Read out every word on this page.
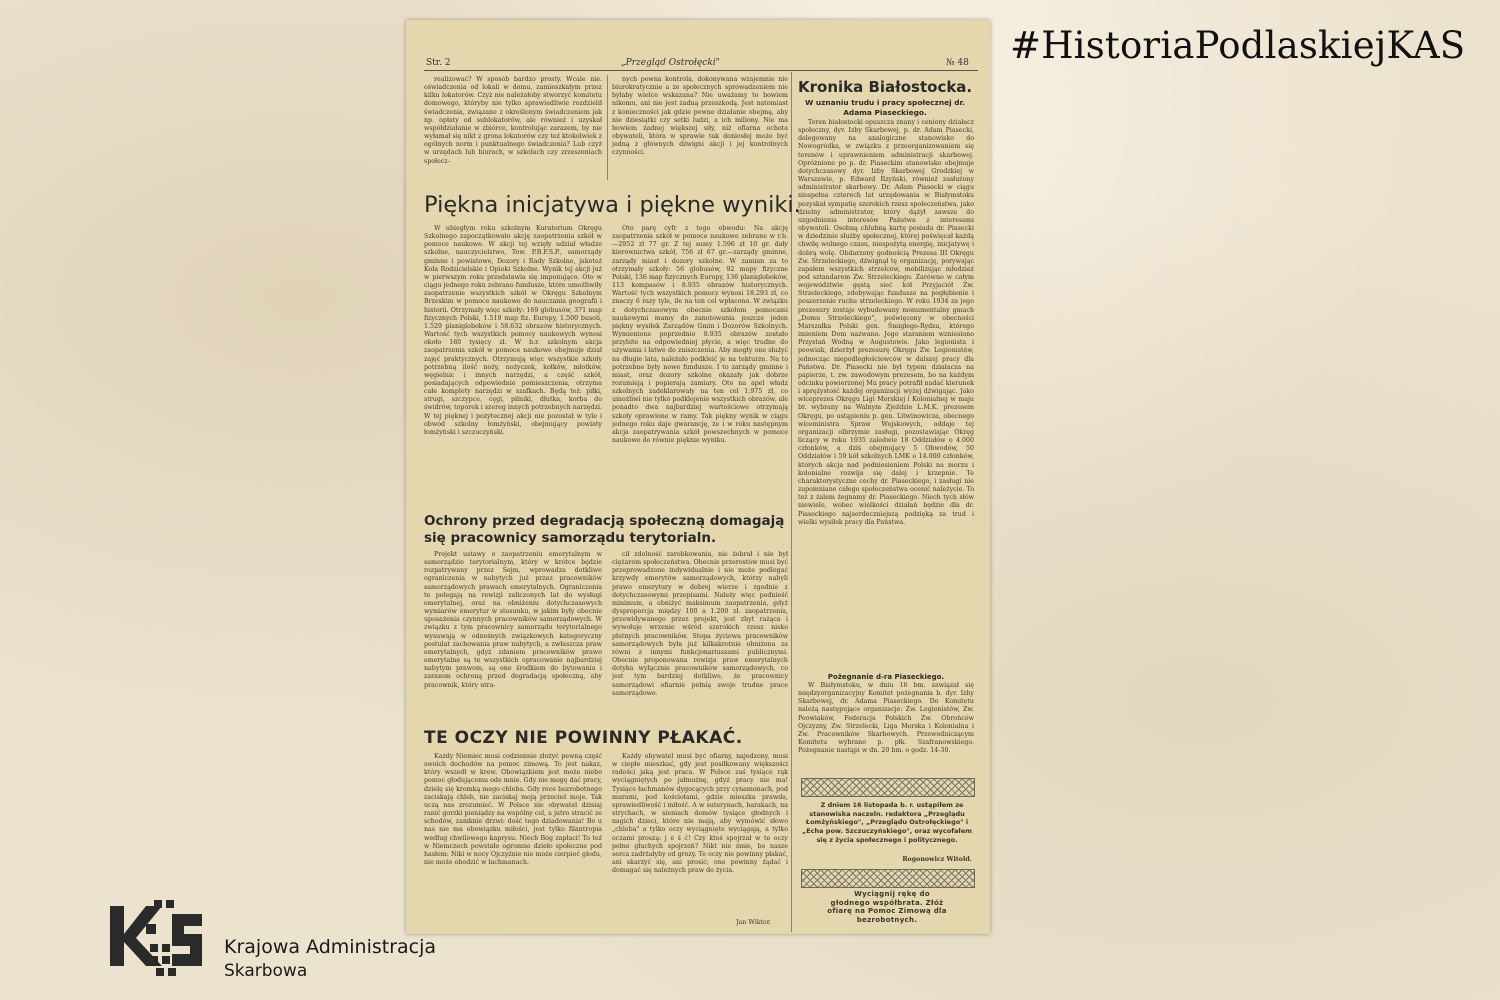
#HistoriaPodlaskiejKAS
Str. 2	„Przegląd Ostrołęcki"	№ 48

realizować? W sposób bardzo prosty. Wcale nie. oświadczenia od lokali w domu, zamieszkałym przez kilku lokatorów. Czyż nie należałoby stworzyć komitetu domowego, któryby nie tylko sprawiedliwie rozdzielił świadczenia, związane z określonym świadczeniem jak np. opłaty od sublokatorów, ale również i uzyskał współdziałanie w zbiórce, kontrolując zarazem, by nie wyłamał się nikt z grona lokatorów czy też ktokolwiek z ogólnych norm i punktualnego świadczenia? Lub czyż w urzędach lub biurach, w szkołach czy zrzeszeniach społecz-

nych pewna kontrola, dokonywana wzajemnie nie biurokratycznie a ze społecznych sprowadzeniem nie byłaby wielce wskazana? Nie uważamy to bowiem nikomu, ani nie jest żadną przeszkodą. Jest natomiast z konieczności jak gdzie pewne działanie obejmą, aby nie dziesiątki czy setki ludzi, a ich miliony. Nie ma bowiem żadnej większej siły, niż ofiarna ochota obywateli, która w sprawie tak doniosłej może być jedną z głównych dźwigni akcji i jej kontrolnych czynności.

Piękna inicjatywa i piękne wyniki.

W ubiegłym roku szkolnym Kuratorium Okręgu Szkolnego zapoczątkowało akcję zaopatrzenia szkół w pomoce naukowe. W akcji tej wzięły udział władze szkolne, nauczycielstwo, Tow. P.B.F.S.P., samorządy gminne i powiatowe, Dozory i Rady Szkolne, jakoteż Koła Rodzicielskie i Opieki Szkolne. Wynik tej akcji już w pierwszym roku przedstawia się imponująco. Oto w ciągu jednego roku zebrano fundusze, które umożliwiły zaopatrzenie wszystkich szkół w Okręgu Szkolnym Brzeskim w pomoce naukowe do nauczania geografii i historii. Otrzymały więc szkoły: 169 globusów, 371 map fizycznych Polski, 1.519 map fiz. Europy, 1.500 busoli, 1.529 planigloboków i 58.632 obrazów historycznych. Wartość tych wszystkich pomocy naukowych wynosi około 180 tysięcy zł. W b.r. szkolnym akcja zaopatrzenia szkół w pomoce naukowe obejmuje dział zajęć praktycznych. Otrzymują więc wszystkie szkoły potrzebną ilość noży, nożyczek, kołków, młotków, węgielnic i innych narzędzi, a część szkół, posiadających odpowiednie pomieszczenia, otrzyma całe komplety narzędzi w szafkach. Będą też: piłki, strugi, szczypce, cęgi, pilniki, dłutka, korba do świdrów, topórek i szereg innych potrzebnych narzędzi. W tej pięknej i pożytecznej akcji nie pozostał w tyle i obwód szkolny łomżyński, obejmujący powiaty łomżyński i szczuczyński.

Oto parę cyfr z tego obwodu: Na akcję zaopatrzenia szkół w pomoce naukowe zebrane w r.b.—2952 zł 77 gr. Z tej sumy 1.596 zł 10 gr. dały kierownictwa szkół, 756 zł 67 gr.—zarządy gminne, zarządy miast i dozory szkolne. W zamian za to otrzymały szkoły: 56 globusów, 92 mapy fizyczne Polski, 136 map fizycznych Europy, 136 planigloboków, 113 kompasów i 8.935 obrazów historycznych. Wartość tych wszystkich pomocy wynosi 18.293 zł, co znaczy 6 razy tyle, ile na ten cel wpłacono. W związku z dotychczasowym obecnie szkołom pomocami naukowymi mamy do zanotowania jeszcze jeden piękny wysiłek Zarządów Gmin i Dozorów Szkolnych. Wymienione poprzednio 8.935 obrazów zostało przybite na odpowiedniej płycie, a więc trudne do używania i łatwe do zniszczenia. Aby mogły one służyć na długie lata, należało podkleić je na tekturze. Na to potrzebne były nowe fundusze. I to zarządy gminne i miast, oraz dozory szkolne okazały jak dobrze rozumieją i popierają zamiary. Oto na apel władz szkolnych zadeklarowały na ten cel 1.975 zł, co umożliwi nie tylko podklejenie wszystkich obrazów, ale ponadto dwa najbardziej wartościowe otrzymają szkoły oprawione w ramy. Tak piękny wynik w ciągu jednego roku daje gwarancję, że i w roku następnym akcja zaopatrywania szkół powszechnych w pomoce naukowe do równie pięknie wyniku.

Ochrony przed degradacją społeczną domagają się pracownicy samorządu terytorialn.

Projekt ustawy o zaopatrzeniu emerytalnym w samorządzie terytorialnym, który w krótce będzie rozpatrywany przez Sejm, wprowadza dotkliwe ograniczenia w nabytych już przez pracowników samorządowych prawach emerytalnych. Ograniczenia te polegają na rewizji zaliczonych lat do wysługi emerytalnej, oraz na obniżeniu dotychczasowych wymiarów emerytur w stosunku, w jakim były obecnie uposażenia czynnych pracowników samorządowych. W związku z tym pracownicy samorządu terytorialnego wysuwają w odnośnych związkowych kategoryczny postulat zachowania praw nabytych, a zwłaszcza praw emerytalnych, gdyż zdaniem pracowników prawo emerytalne są te wszystkich opracowanie najbardziej nabytym prawom, są one środkiem do bytowania i zarazem ochroną przed degradacją społeczną, aby pracownik, który utra-

cił zdolność zarobkowania, nie żebrał i nie był ciężarem społeczeństwa. Obecnie przerostów musi być przeprowadzone indywidualnie i nie może podlegać krzywdy emerytów samorządowych, którzy nabyli prawo emerytury w dobrej wierze i zgodnie z dotychczasowymi przepisami. Należy więc podnieść minimum, a obniżyć maksimum zaopatrzenia, gdyż dysproporcja między 100 a 1.200 zł. zaopatrzenia, przewidywanego przez projekt, jest zbyt rażąca i wywołuje wrzenie wśród szerokich rzesz nisko płatnych pracowników. Stopa życiowa pracowników samorządowych była już kilkakrotnie obniżona za równi z innymi funkcjonariuszami publicznymi. Obecnie proponowana rewizja praw emerytalnych dotyka wyłącznie pracowników samorządowych, co jest tym bardziej dotkliwe, że pracownicy samorządowi ofiarnie pełnią swoje trudne prace samorządowe.

TE OCZY NIE POWINNY PŁAKAĆ.

Każdy Niemiec musi codziennie złożyć pewną część swoich dochodów na pomoc zimową. To jest nakaz, który wszedł w krew. Obowiązkiem jest może niebo pomoc głodującemu ode mnie. Gdy nie mogę dać pracy, dzielę się kromką mego chleba. Gdy rece bezrobotnego zaciskają chleb, nie zaciskaj moją przecież moje. Tak uczą nas zrozumieć. W Polsce nie obywatel dzisiaj ranić gorzki pieniądzy na wspólny cel, a jutro stracić ze schodów, zamknie drzwi: dość tego dziadowania! Bo u nas nie ma obowiązku miłości, jest tylko filantropia według chwilowego kaprysu. Niech Bóg zapłaci! To też w Niemczech powstało ogromne dzieło społeczne pod hasłem: Niki w nocy Ojczyźnie nie może cierpieć głodu, nie może obodzić w łachmanach.

Każdy obywatel musi być ofiarny, najedzony, musi w ciepłe mieszkać, gdy jest posiłkowany większości radości jaką jest praca. W Polsce zaś tysiące rąk wyciągniętych po jałmużnę, gdyż pracy nie ma! Tysiące łachmanów dygocących przy cynamonach, pod murami, pod kościołami, gdzie mieszka prawda, sprawiedliwość i miłość. A w suterynach, barakach, na strychach, w sieniach domów tysiące głodnych i nagich dzieci, które nie mają, aby wymówić słowo „chleba" a tylko oczy wyciągnięte wyciągają, a tylko oczami proszą: j e ś ć! Czy ktoś spojrzał w te oczy pełne głuchych spojrzeń? Nikt nie śmie, bo nasze serca zadrżałyby od grozy. Te oczy nie powinny płakać, ani skarżyć się, ani prosić; one powinny żądać i domagać się należnych praw do życia.

Jan Wiktor.
Kronika Białostocka.
W uznaniu trudu i pracy społecznej dr. Adama Piaseckiego.

Teren białostocki opuszcza znany i ceniony działacz społeczny, dyr. Izby Skarbowej, p. dr. Adam Piasecki, delegowany na analogiczne stanowisko do Nowogródka, w związku z przeorganizowaniem się terenów i uprawnieniem administracji skarbowej. Opróżnione po p. dr. Piaseckim stanowisko obejmuje dotychczasowy dyr. Izby Skarbowej Grodzkiej w Warszawie, p. Edward Rzyński, również zasłużony administrator skarbowy. Dr. Adam Piasecki w ciągu niespełna czterech lat urzędowania w Białymstoku pozyskał sympatię szerokich rzesz społeczeństwa, jako dzielny administrator, który dążył zawsze do uzgodnienia interesów Państwa z interesami obywateli. Osobną chlubną kartę posiada dr. Piasecki w dziedzinie służby społecznej, której poświęcał każdą chwilę wolnego czasu, niespożytą energię, inicjatywę i dobrą wolę. Obdarzony godnością Prezesa III Okręgu Zw. Strzeleckiego, dźwignął tę organizację, porywając zapałem wszystkich strzelców, mobilizując młodzież pod sztandarem Zw. Strzeleckiego. Zarówno w całym województwie gęstą sieć kół Przyjaciół Zw. Strzeleckiego, zdobywając fundusze na pogłębienie i poszerzenie ruchu strzeleckiego. W roku 1934 za jego prezesury zostaje wybudowany monumentalny gmach „Domu Strzeleckiego", poświęcony w obecności Marszałka Polski gen. Śmigłego-Rydza, którego imieniem Dom nazwano. Jego staraniem wzniesiono Przystań Wodną w Augustowie. Jako legionista i peowiak, dzierżył prezesurę Okręgu Zw. Legionistów, jednocząc niepodległościowców w dalszej pracy dla Państwa. Dr. Piasecki nie był typem działacza na papierze, t. zw. zawodowym prezesem, bo na każdym odcinku powierzonej Mu pracy potrafił nadać kierunek i sprężystość każdej organizacji wyżej dźwigając. Jako wiceprezes Okręgu Ligi Morskiej i Kolonialnej w maju br. wybrany na Walnym Zjeździe L.M.K. prezesem Okręgu, po ustąpieniu p. gen. Litwinowicza, obecnego wiceministra Spraw Wojskowych, oddaje tej organizacji olbrzymie zasługi, pozostawiając Okręg liczący w roku 1935 zaledwie 18 Oddziałów o 4.000 członków, a dziś obejmujący 5 Obwodów, 50 Oddziałów i 59 kół szkolnych LMK o 14.000 członków, których akcja nad podniesieniem Polski na morzu i kolonialne rozwija się dalej i krzepnie. Te charakterystyczne cechy dr. Piaseckiego, i zasługi nie zapomniane całego społeczeństwa ocenić należycie. To też z żalem żegnamy dr. Piaseckiego. Niech tych słów niewiele, wobec wielkości działań będzie dla dr. Piaseckiego najserdeczniejszą podzięką za trud i wielki wysiłek pracy dla Państwa.

Pożegnanie d-ra Piaseckiego.

W Białymstoku, w dniu 16 bm. zawiązał się międzyorganizacyjny Komitet pożegnania b. dyr. Izby Skarbowej, dr. Adama Piaseckiego. Do Komitetu należą następujące organizacje: Zw. Legionistów, Zw. Peowiaków, Federacja Polskich Zw. Obrońców Ojczyzny, Zw. Strzelecki, Liga Morska i Kolonialna i Zw. Pracowników Skarbowych. Przewodniczącym Komitetu wybrano p. płk. Szafranowskiego. Pożegnanie nastąpi w dn. 20 bm. o godz. 14-30.

Z dniem 16 listopada b. r. ustąpiłem ze stanowiska naczeln. redaktora „Przeglądu Łomżyńskiego", „Przeglądu Ostrołęckiego" i „Echa pow. Szczuczyńskiego", oraz wycofałem się z życia społecznego i politycznego.

Rogonowicz Witold.

Wyciągnij rękę do głodnego współbrata. Złóż ofiarę na Pomoc Zimową dla bezrobotnych.

Krajowa Administracja
Skarbowa
